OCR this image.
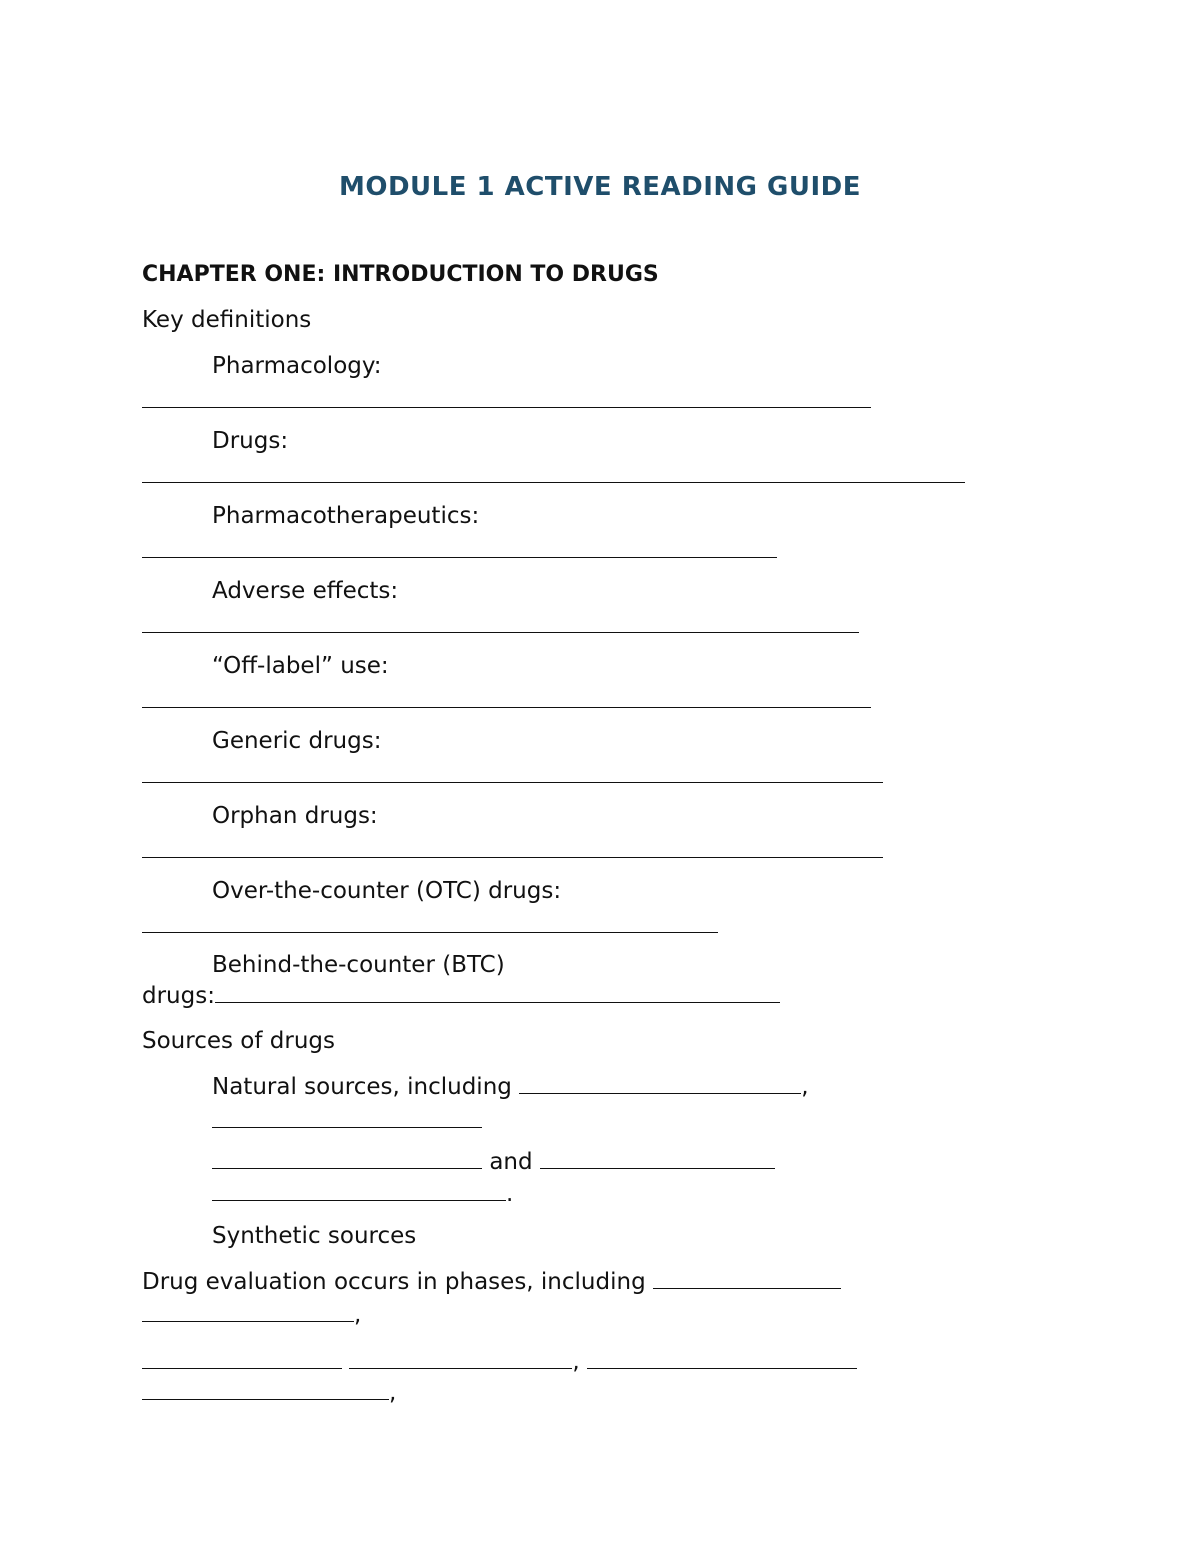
MODULE 1 ACTIVE READING GUIDE
CHAPTER ONE: INTRODUCTION TO DRUGS
Key definitions
Pharmacology:
Drugs:
Pharmacotherapeutics:
Adverse effects:
“Off-label” use:
Generic drugs:
Orphan drugs:
Over-the-counter (OTC) drugs:
Behind-the-counter (BTC)
drugs:
Sources of drugs
Natural sources, including	,
and
.
Synthetic sources
Drug evaluation occurs in phases, including
,
,
,
